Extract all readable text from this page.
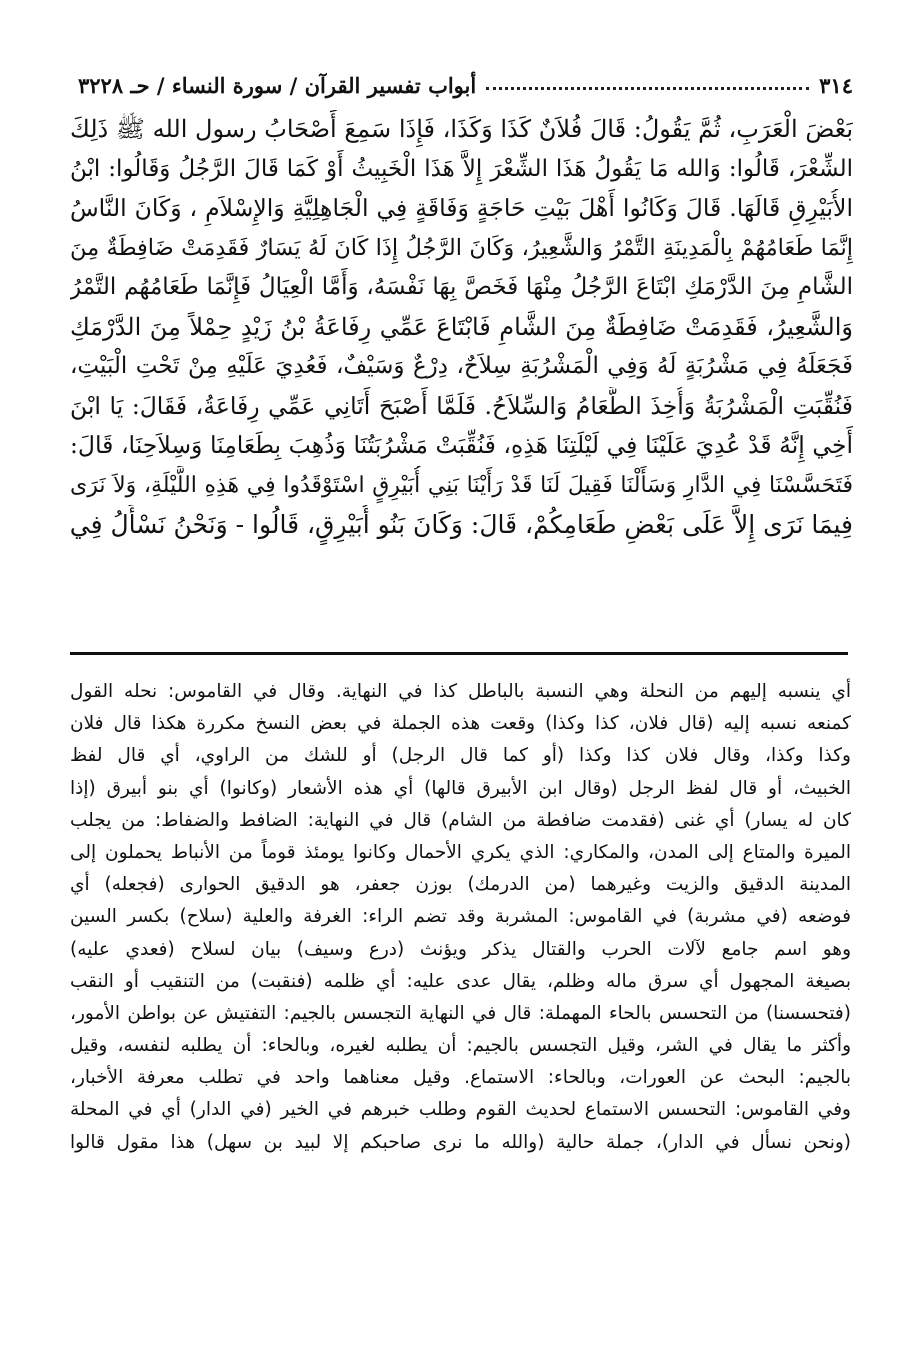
٣١٤
أبواب تفسير القرآن / سورة النساء / حـ ٣٢٢٨
بَعْضَ الْعَرَبِ، ثُمَّ يَقُولُ: قَالَ فُلاَنٌ كَذَا وَكَذَا، فَإِذَا سَمِعَ أَصْحَابُ رسول الله ﷺ ذَلِكَ
الشِّعْرَ، قَالُوا: وَالله مَا يَقُولُ هَذَا الشِّعْرَ إِلاَّ هَذَا الْخَبِيثُ أَوْ كَمَا قَالَ الرَّجُلُ وَقَالُوا: ابْنُ
الأُبَيْرِقِ قَالَهَا. قَالَ وَكَانُوا أَهْلَ بَيْتِ حَاجَةٍ وَفَاقَةٍ فِي الْجَاهِلِيَّةِ وَالإِسْلاَمِ ، وَكَانَ النَّاسُ
إِنَّمَا طَعَامُهُمْ بِالْمَدِينَةِ التَّمْرُ وَالشَّعِيرُ، وَكَانَ الرَّجُلُ إِذَا كَانَ لَهُ يَسَارٌ فَقَدِمَتْ ضَافِطَةٌ مِنَ
الشَّامِ مِنَ الدَّرْمَكِ ابْتَاعَ الرَّجُلُ مِنْهَا فَخَصَّ بِهَا نَفْسَهُ، وَأَمَّا الْعِيَالُ فَإِنَّمَا طَعَامُهُم التَّمْرُ
وَالشَّعِيرُ، فَقَدِمَتْ ضَافِطَةٌ مِنَ الشَّامِ فَابْتَاعَ عَمِّي رِفَاعَةُ بْنُ زَيْدٍ حِمْلاً مِنَ الدَّرْمَكِ
فَجَعَلَهُ فِي مَشْرُبَةٍ لَهُ وَفِي الْمَشْرُبَةِ سِلاَحٌ، دِرْعٌ وَسَيْفٌ، فَعُدِيَ عَلَيْهِ مِنْ تَحْتِ الْبَيْتِ،
فَنُقِّبَتِ الْمَشْرُبَةُ وَأُخِذَ الطَّعَامُ وَالسِّلاَحُ. فَلَمَّا أَصْبَحَ أَتَانِي عَمِّي رِفَاعَةُ، فَقَالَ: يَا ابْنَ
أَخِي إِنَّهُ قَدْ عُدِيَ عَلَيْنَا فِي لَيْلَتِنَا هَذِهِ، فَنُقِّبَتْ مَشْرُبَتُنَا وَذُهِبَ بِطَعَامِنَا وَسِلاَحِنَا، قَالَ:
فَتَحَسَّسْنَا فِي الدَّارِ وَسَأَلْنَا فَقِيلَ لَنَا قَدْ رَأَيْنَا بَنِي أُبَيْرِقٍ اسْتَوْقَدُوا فِي هَذِهِ اللَّيْلَةِ، وَلاَ نَرَى
فِيمَا نَرَى إِلاَّ عَلَى بَعْضِ طَعَامِكُمْ، قَالَ: وَكَانَ بَنُو أُبَيْرِقٍ، قَالُوا - وَنَحْنُ نَسْأَلُ فِي
أي ينسبه إليهم من النحلة وهي النسبة بالباطل كذا في النهاية. وقال في القاموس: نحله القول
كمنعه نسبه إليه (قال فلان، كذا وكذا) وقعت هذه الجملة في بعض النسخ مكررة هكذا قال فلان
وكذا وكذا، وقال فلان كذا وكذا (أو كما قال الرجل) أو للشك من الراوي، أي قال لفظ
الخبيث، أو قال لفظ الرجل (وقال ابن الأبيرق قالها) أي هذه الأشعار (وكانوا) أي بنو أبيرق (إذا
كان له يسار) أي غنى (فقدمت ضافطة من الشام) قال في النهاية: الضافط والضفاط: من يجلب
الميرة والمتاع إلى المدن، والمكاري: الذي يكري الأحمال وكانوا يومئذ قوماً من الأنباط يحملون إلى
المدينة الدقيق والزيت وغيرهما (من الدرمك) بوزن جعفر، هو الدقيق الحوارى (فجعله) أي
فوضعه (في مشربة) في القاموس: المشربة وقد تضم الراء: الغرفة والعلية (سلاح) بكسر السين
وهو اسم جامع لآلات الحرب والقتال يذكر ويؤنث (درع وسيف) بيان لسلاح (فعدي عليه)
بصيغة المجهول أي سرق ماله وظلم، يقال عدى عليه: أي ظلمه (فنقبت) من التنقيب أو النقب
(فتحسسنا) من التحسس بالحاء المهملة: قال في النهاية التجسس بالجيم: التفتيش عن بواطن الأمور،
وأكثر ما يقال في الشر، وقيل التجسس بالجيم: أن يطلبه لغيره، وبالحاء: أن يطلبه لنفسه، وقيل
بالجيم: البحث عن العورات، وبالحاء: الاستماع. وقيل معناهما واحد في تطلب معرفة الأخبار،
وفي القاموس: التحسس الاستماع لحديث القوم وطلب خبرهم في الخير (في الدار) أي في المحلة
(ونحن نسأل في الدار)، جملة حالية (والله ما نرى صاحبكم إلا لبيد بن سهل) هذا مقول قالوا
